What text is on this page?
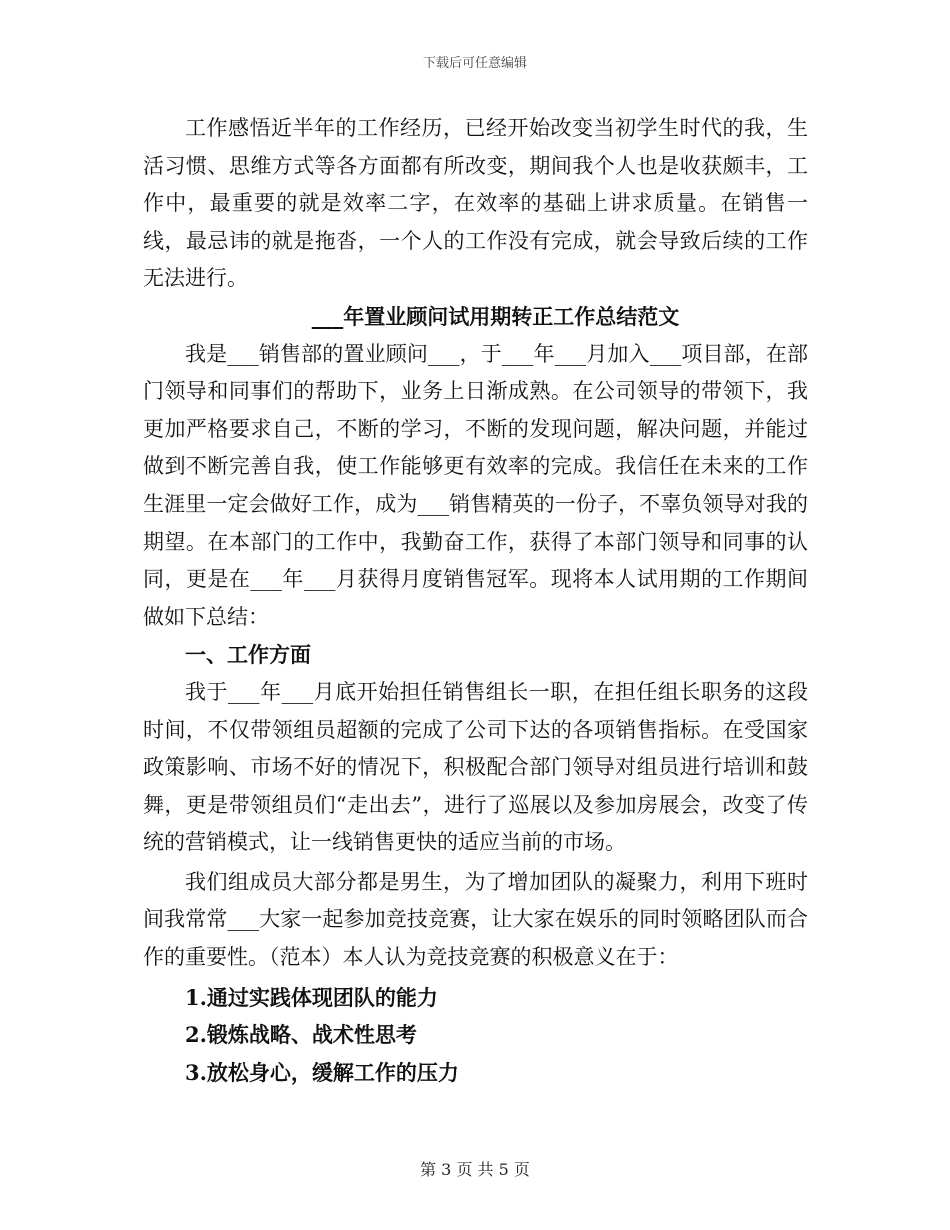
下载后可任意编辑

工作感悟近半年的工作经历，已经开始改变当初学生时代的我，生活习惯、思维方式等各方面都有所改变，期间我个人也是收获颇丰，工作中，最重要的就是效率二字，在效率的基础上讲求质量。在销售一线，最忌讳的就是拖沓，一个人的工作没有完成，就会导致后续的工作无法进行。

___年置业顾问试用期转正工作总结范文

我是___销售部的置业顾问___，于___年___月加入___项目部，在部门领导和同事们的帮助下，业务上日渐成熟。在公司领导的带领下，我更加严格要求自己，不断的学习，不断的发现问题，解决问题，并能过做到不断完善自我，使工作能够更有效率的完成。我信任在未来的工作生涯里一定会做好工作，成为___销售精英的一份子，不辜负领导对我的期望。在本部门的工作中，我勤奋工作，获得了本部门领导和同事的认同，更是在___年___月获得月度销售冠军。现将本人试用期的工作期间做如下总结：

一、工作方面

我于___年___月底开始担任销售组长一职，在担任组长职务的这段时间，不仅带领组员超额的完成了公司下达的各项销售指标。在受国家政策影响、市场不好的情况下，积极配合部门领导对组员进行培训和鼓舞，更是带领组员们“走出去”，进行了巡展以及参加房展会，改变了传统的营销模式，让一线销售更快的适应当前的市场。

我们组成员大部分都是男生，为了增加团队的凝聚力，利用下班时间我常常___大家一起参加竞技竞赛，让大家在娱乐的同时领略团队而合作的重要性。（范本）本人认为竞技竞赛的积极意义在于：

1.通过实践体现团队的能力

2.锻炼战略、战术性思考

3.放松身心，缓解工作的压力

第 3 页 共 5 页
